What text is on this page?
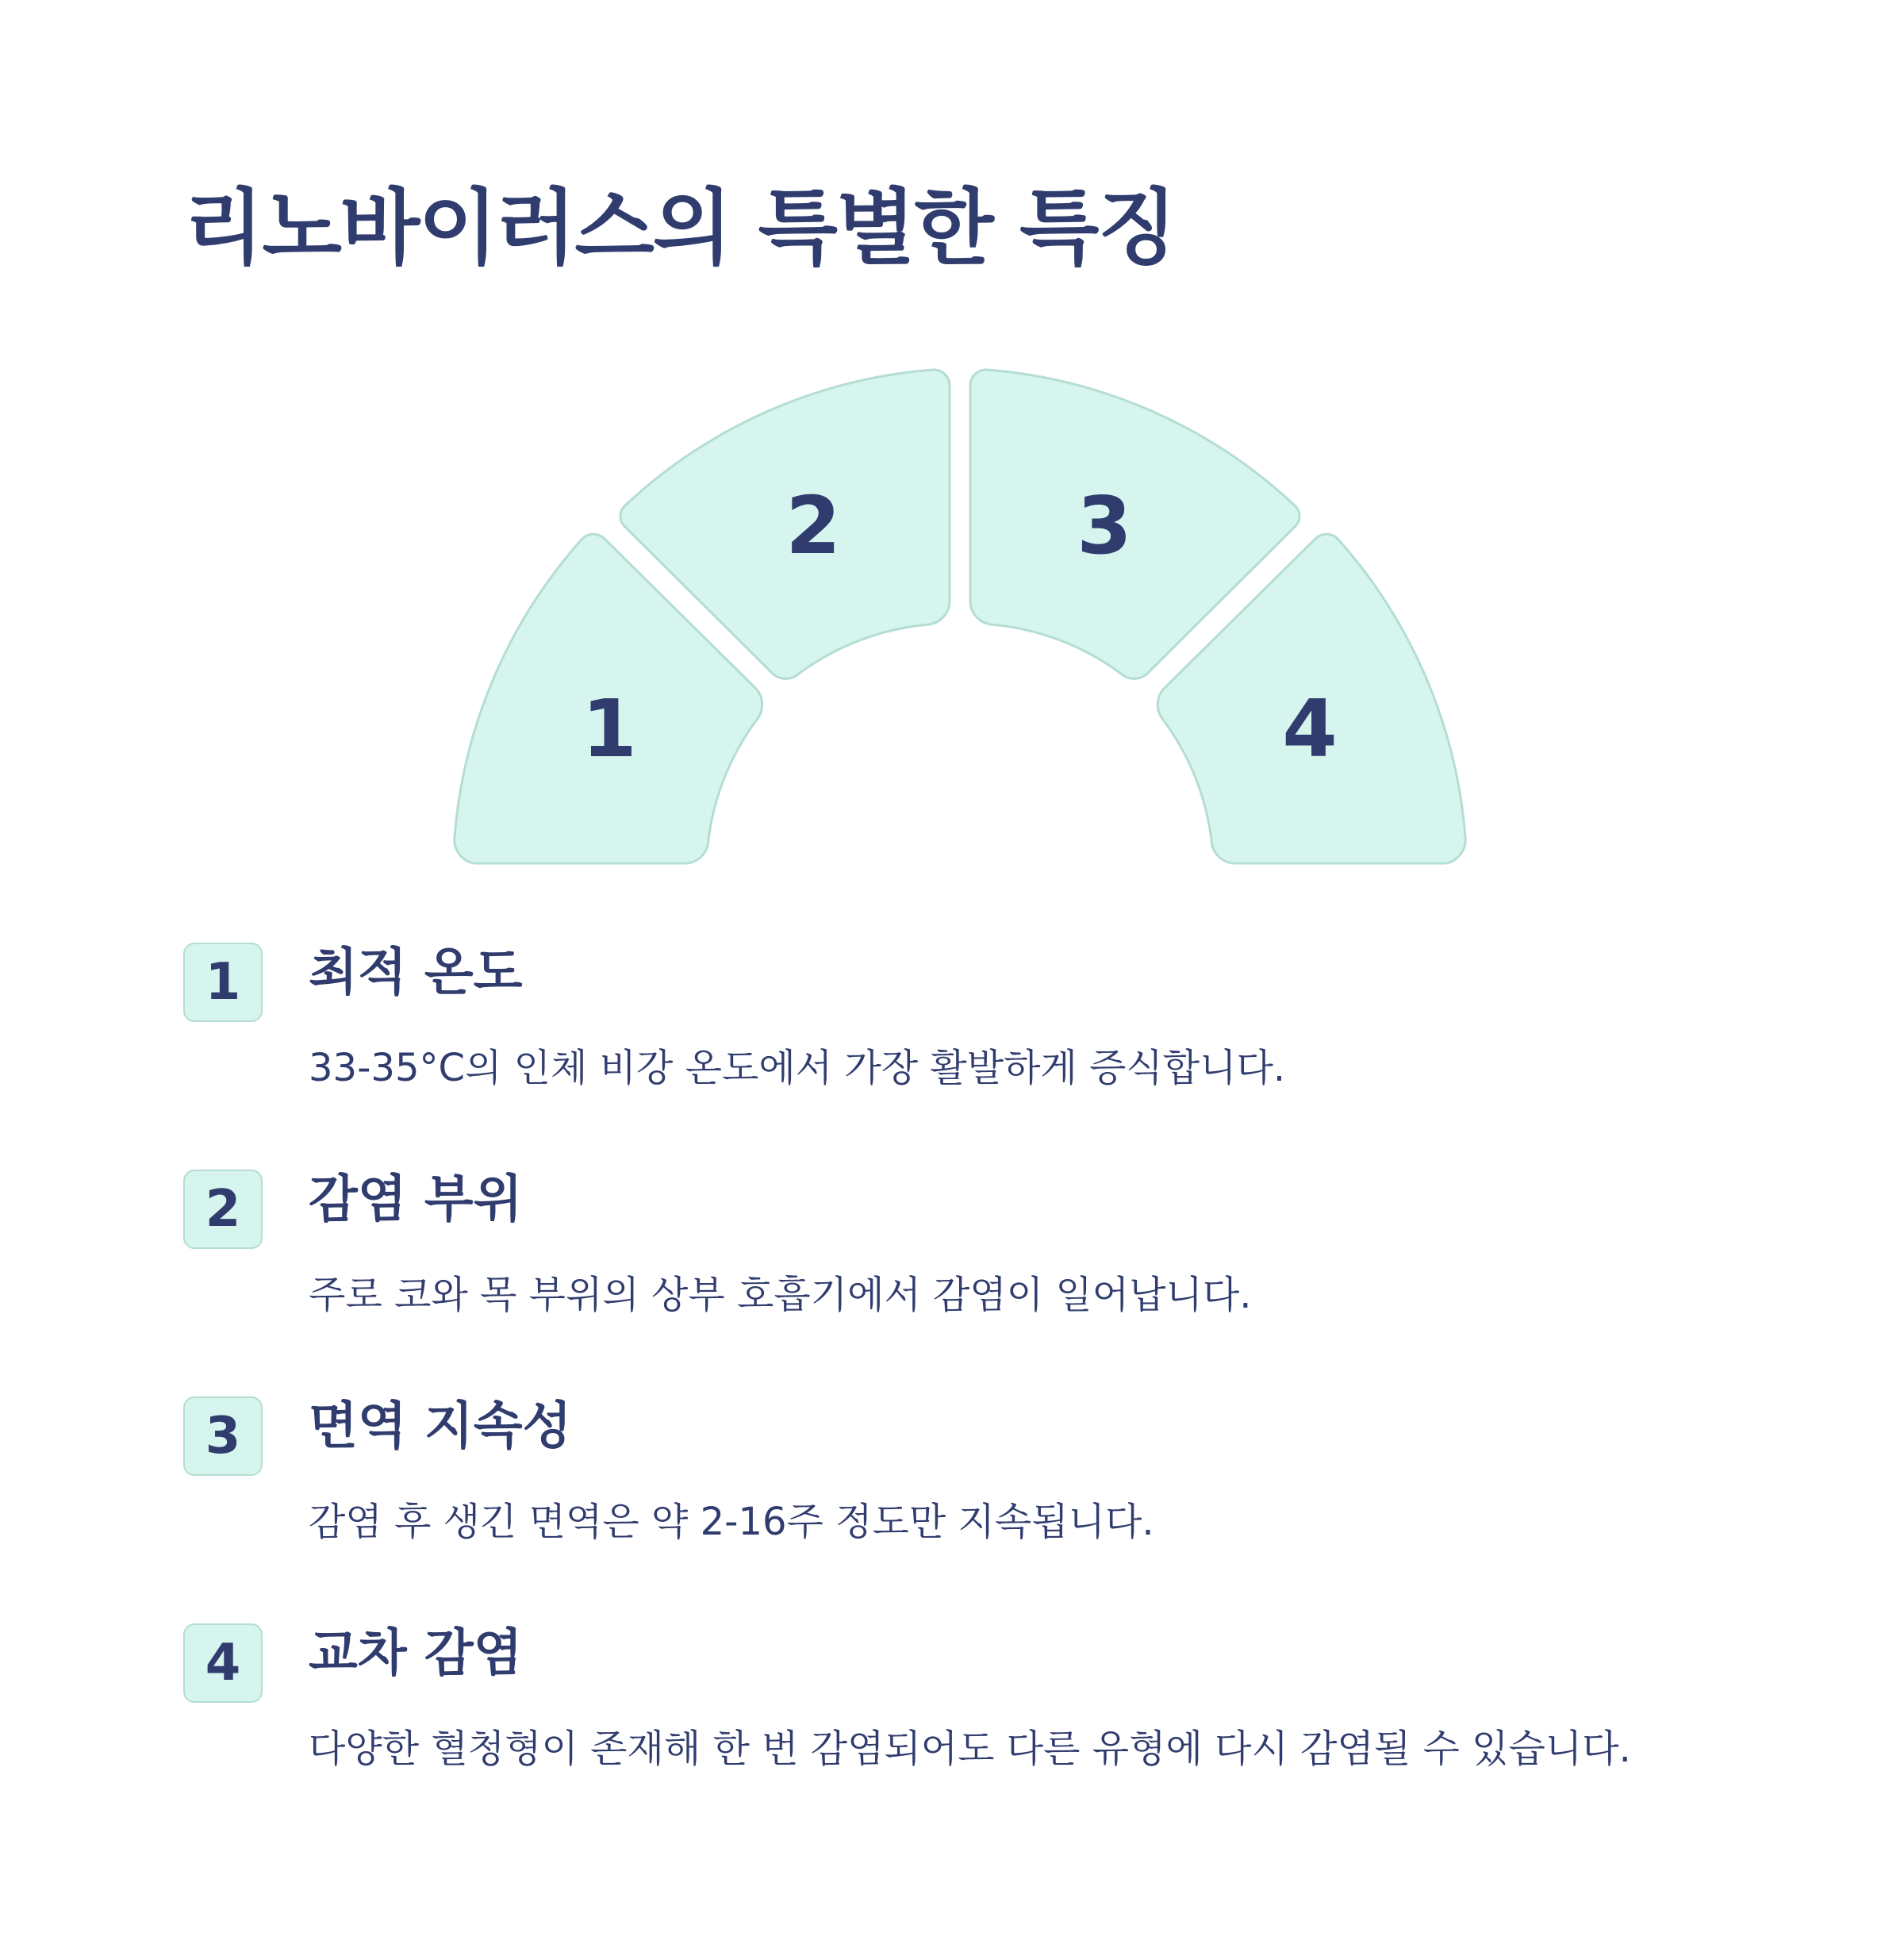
리노바이러스의 특별한 특징
1
2	3
4
1	최적 온도

33-35°C의 인체 비강 온도에서 가장 활발하게 증식합니다.

2	감염 부위

주로 코와 목 부위의 상부 호흡기에서 감염이 일어납니다.

3	면역 지속성

감염 후 생긴 면역은 약 2-16주 정도만 지속됩니다.

4	교차 감염

다양한 혈청형이 존재해 한 번 감염되어도 다른 유형에 다시 감염될 수 있습니다.
